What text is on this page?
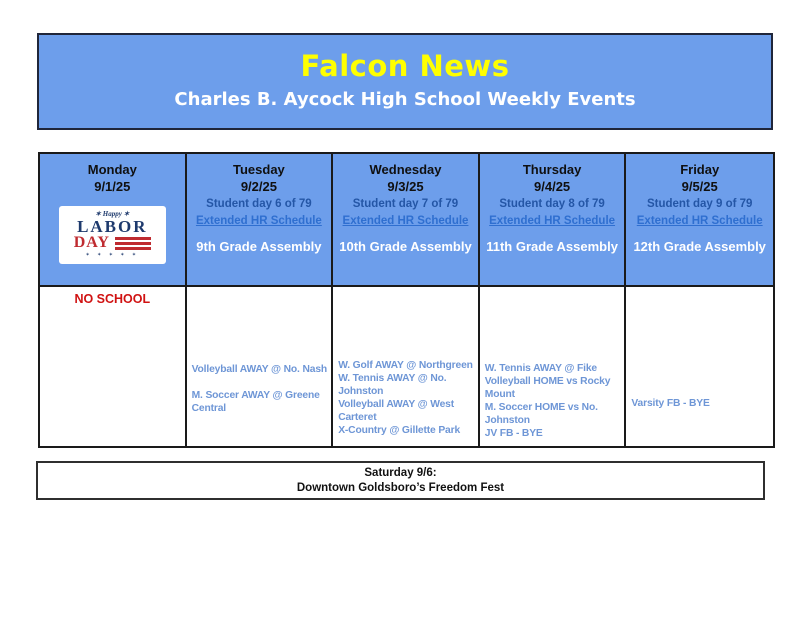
Falcon News
Charles B. Aycock High School Weekly Events
Monday
9/1/25
✶ Happy ✶
LABOR
DAY
✶ ✶ ✶ ✶ ✶
Tuesday
9/2/25
Student day 6 of 79
Extended HR Schedule
9th Grade Assembly
Wednesday
9/3/25
Student day 7 of 79
Extended HR Schedule
10th Grade Assembly
Thursday
9/4/25
Student day 8 of 79
Extended HR Schedule
11th Grade Assembly
Friday
9/5/25
Student day 9 of 79
Extended HR Schedule
12th Grade Assembly
NO SCHOOL

Volleyball AWAY @ No. Nash

M. Soccer AWAY @ Greene Central

W. Golf AWAY @ Northgreen

W. Tennis AWAY @ No. Johnston

Volleyball AWAY @ West Carteret

X-Country @ Gillette Park

W. Tennis AWAY @ Fike

Volleyball HOME vs Rocky Mount

M. Soccer HOME vs No. Johnston

JV FB - BYE

Varsity FB - BYE

Saturday 9/6:
Downtown Goldsboro’s Freedom Fest
